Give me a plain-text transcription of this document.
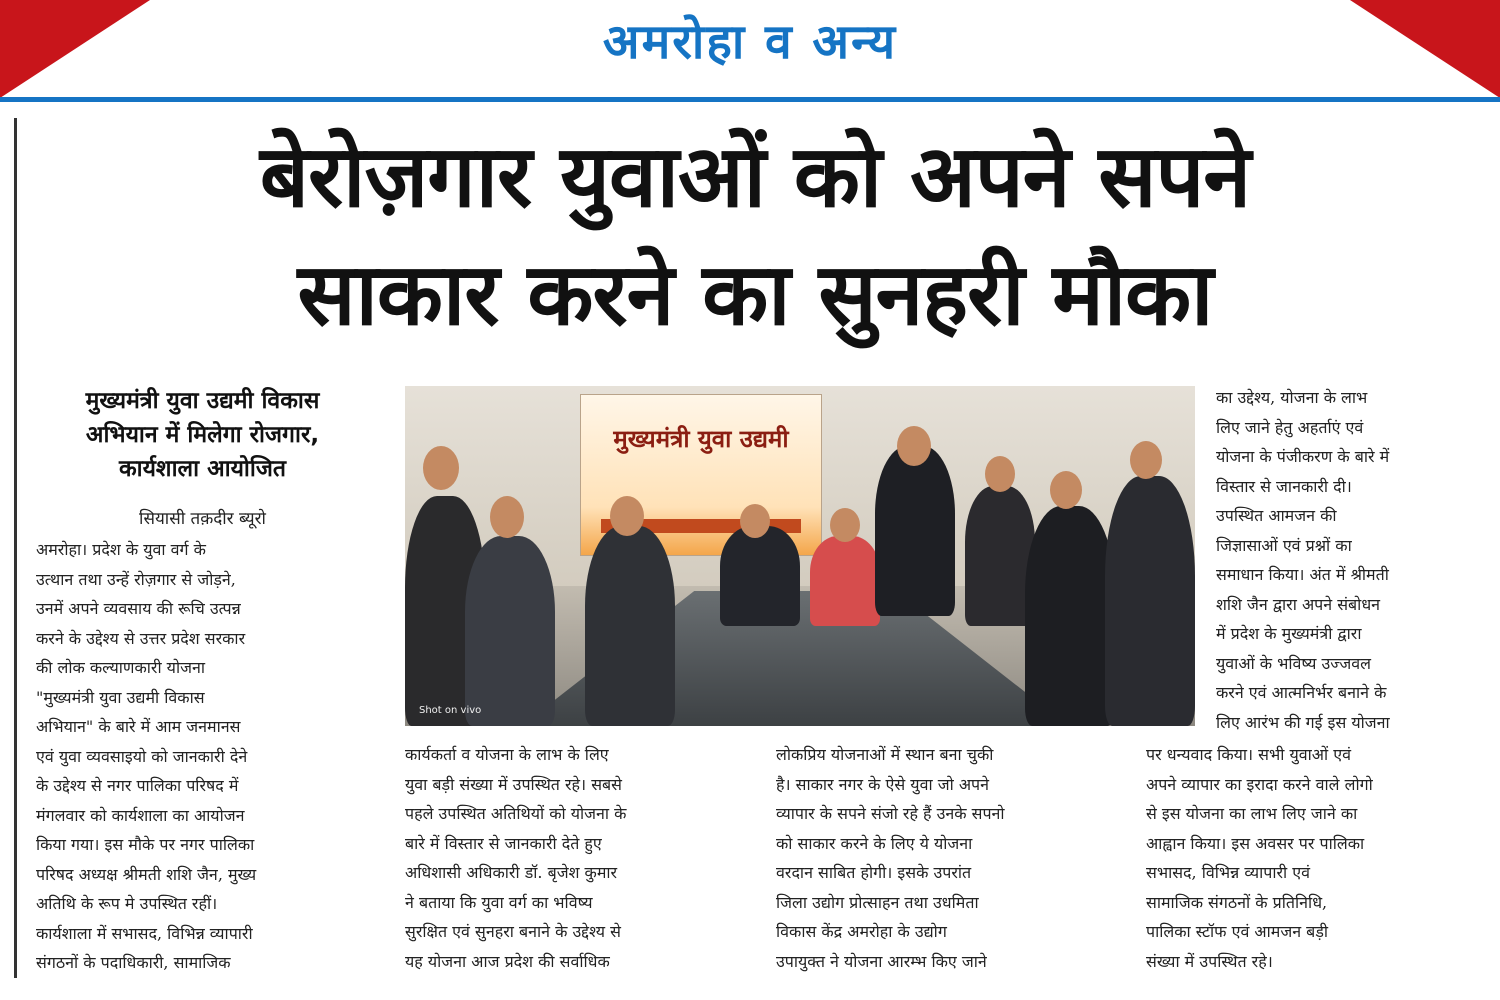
अमरोहा व अन्य
बेरोज़गार युवाओं को अपने सपने
साकार करने का सुनहरी मौका
मुख्यमंत्री युवा उद्यमी विकास
अभियान में मिलेगा रोजगार,
कार्यशाला आयोजित
सियासी तक़दीर ब्यूरो
अमरोहा। प्रदेश के युवा वर्ग के
उत्थान तथा उन्हें रोज़गार से जोड़ने,
उनमें अपने व्यवसाय की रूचि उत्पन्न
करने के उद्देश्य से उत्तर प्रदेश सरकार
की लोक कल्याणकारी योजना
"मुख्यमंत्री युवा उद्यमी विकास
अभियान" के बारे में आम जनमानस
एवं युवा व्यवसाइयो को जानकारी देने
के उद्देश्य से नगर पालिका परिषद में
मंगलवार को कार्यशाला का आयोजन
किया गया। इस मौके पर नगर पालिका
परिषद अध्यक्ष श्रीमती शशि जैन, मुख्य
अतिथि के रूप मे उपस्थित रहीं।
कार्यशाला में सभासद, विभिन्न व्यापारी
संगठनों के पदाधिकारी, सामाजिक
मुख्यमंत्री युवा उद्यमी
Shot on vivo
कार्यकर्ता व योजना के लाभ के लिए
युवा बड़ी संख्या में उपस्थित रहे। सबसे
पहले उपस्थित अतिथियों को योजना के
बारे में विस्तार से जानकारी देते हुए
अधिशासी अधिकारी डॉ. बृजेश कुमार
ने बताया कि युवा वर्ग का भविष्य
सुरक्षित एवं सुनहरा बनाने के उद्देश्य से
यह योजना आज प्रदेश की सर्वाधिक
लोकप्रिय योजनाओं में स्थान बना चुकी
है। साकार नगर के ऐसे युवा जो अपने
व्यापार के सपने संजो रहे हैं उनके सपनो
को साकार करने के लिए ये योजना
वरदान साबित होगी। इसके उपरांत
जिला उद्योग प्रोत्साहन तथा उधमिता
विकास केंद्र अमरोहा के उद्योग
उपायुक्त ने योजना आरम्भ किए जाने
का उद्देश्य, योजना के लाभ
लिए जाने हेतु अहर्ताएं एवं
योजना के पंजीकरण के बारे में
विस्तार से जानकारी दी।
उपस्थित आमजन की
जिज्ञासाओं एवं प्रश्नों का
समाधान किया। अंत में श्रीमती
शशि जैन द्वारा अपने संबोधन
में प्रदेश के मुख्यमंत्री द्वारा
युवाओं के भविष्य उज्जवल
करने एवं आत्मनिर्भर बनाने के
लिए आरंभ की गई इस योजना
पर धन्यवाद किया। सभी युवाओं एवं
अपने व्यापार का इरादा करने वाले लोगो
से इस योजना का लाभ लिए जाने का
आह्वान किया। इस अवसर पर पालिका
सभासद, विभिन्न व्यापारी एवं
सामाजिक संगठनों के प्रतिनिधि,
पालिका स्टॉफ एवं आमजन बड़ी
संख्या में उपस्थित रहे।
